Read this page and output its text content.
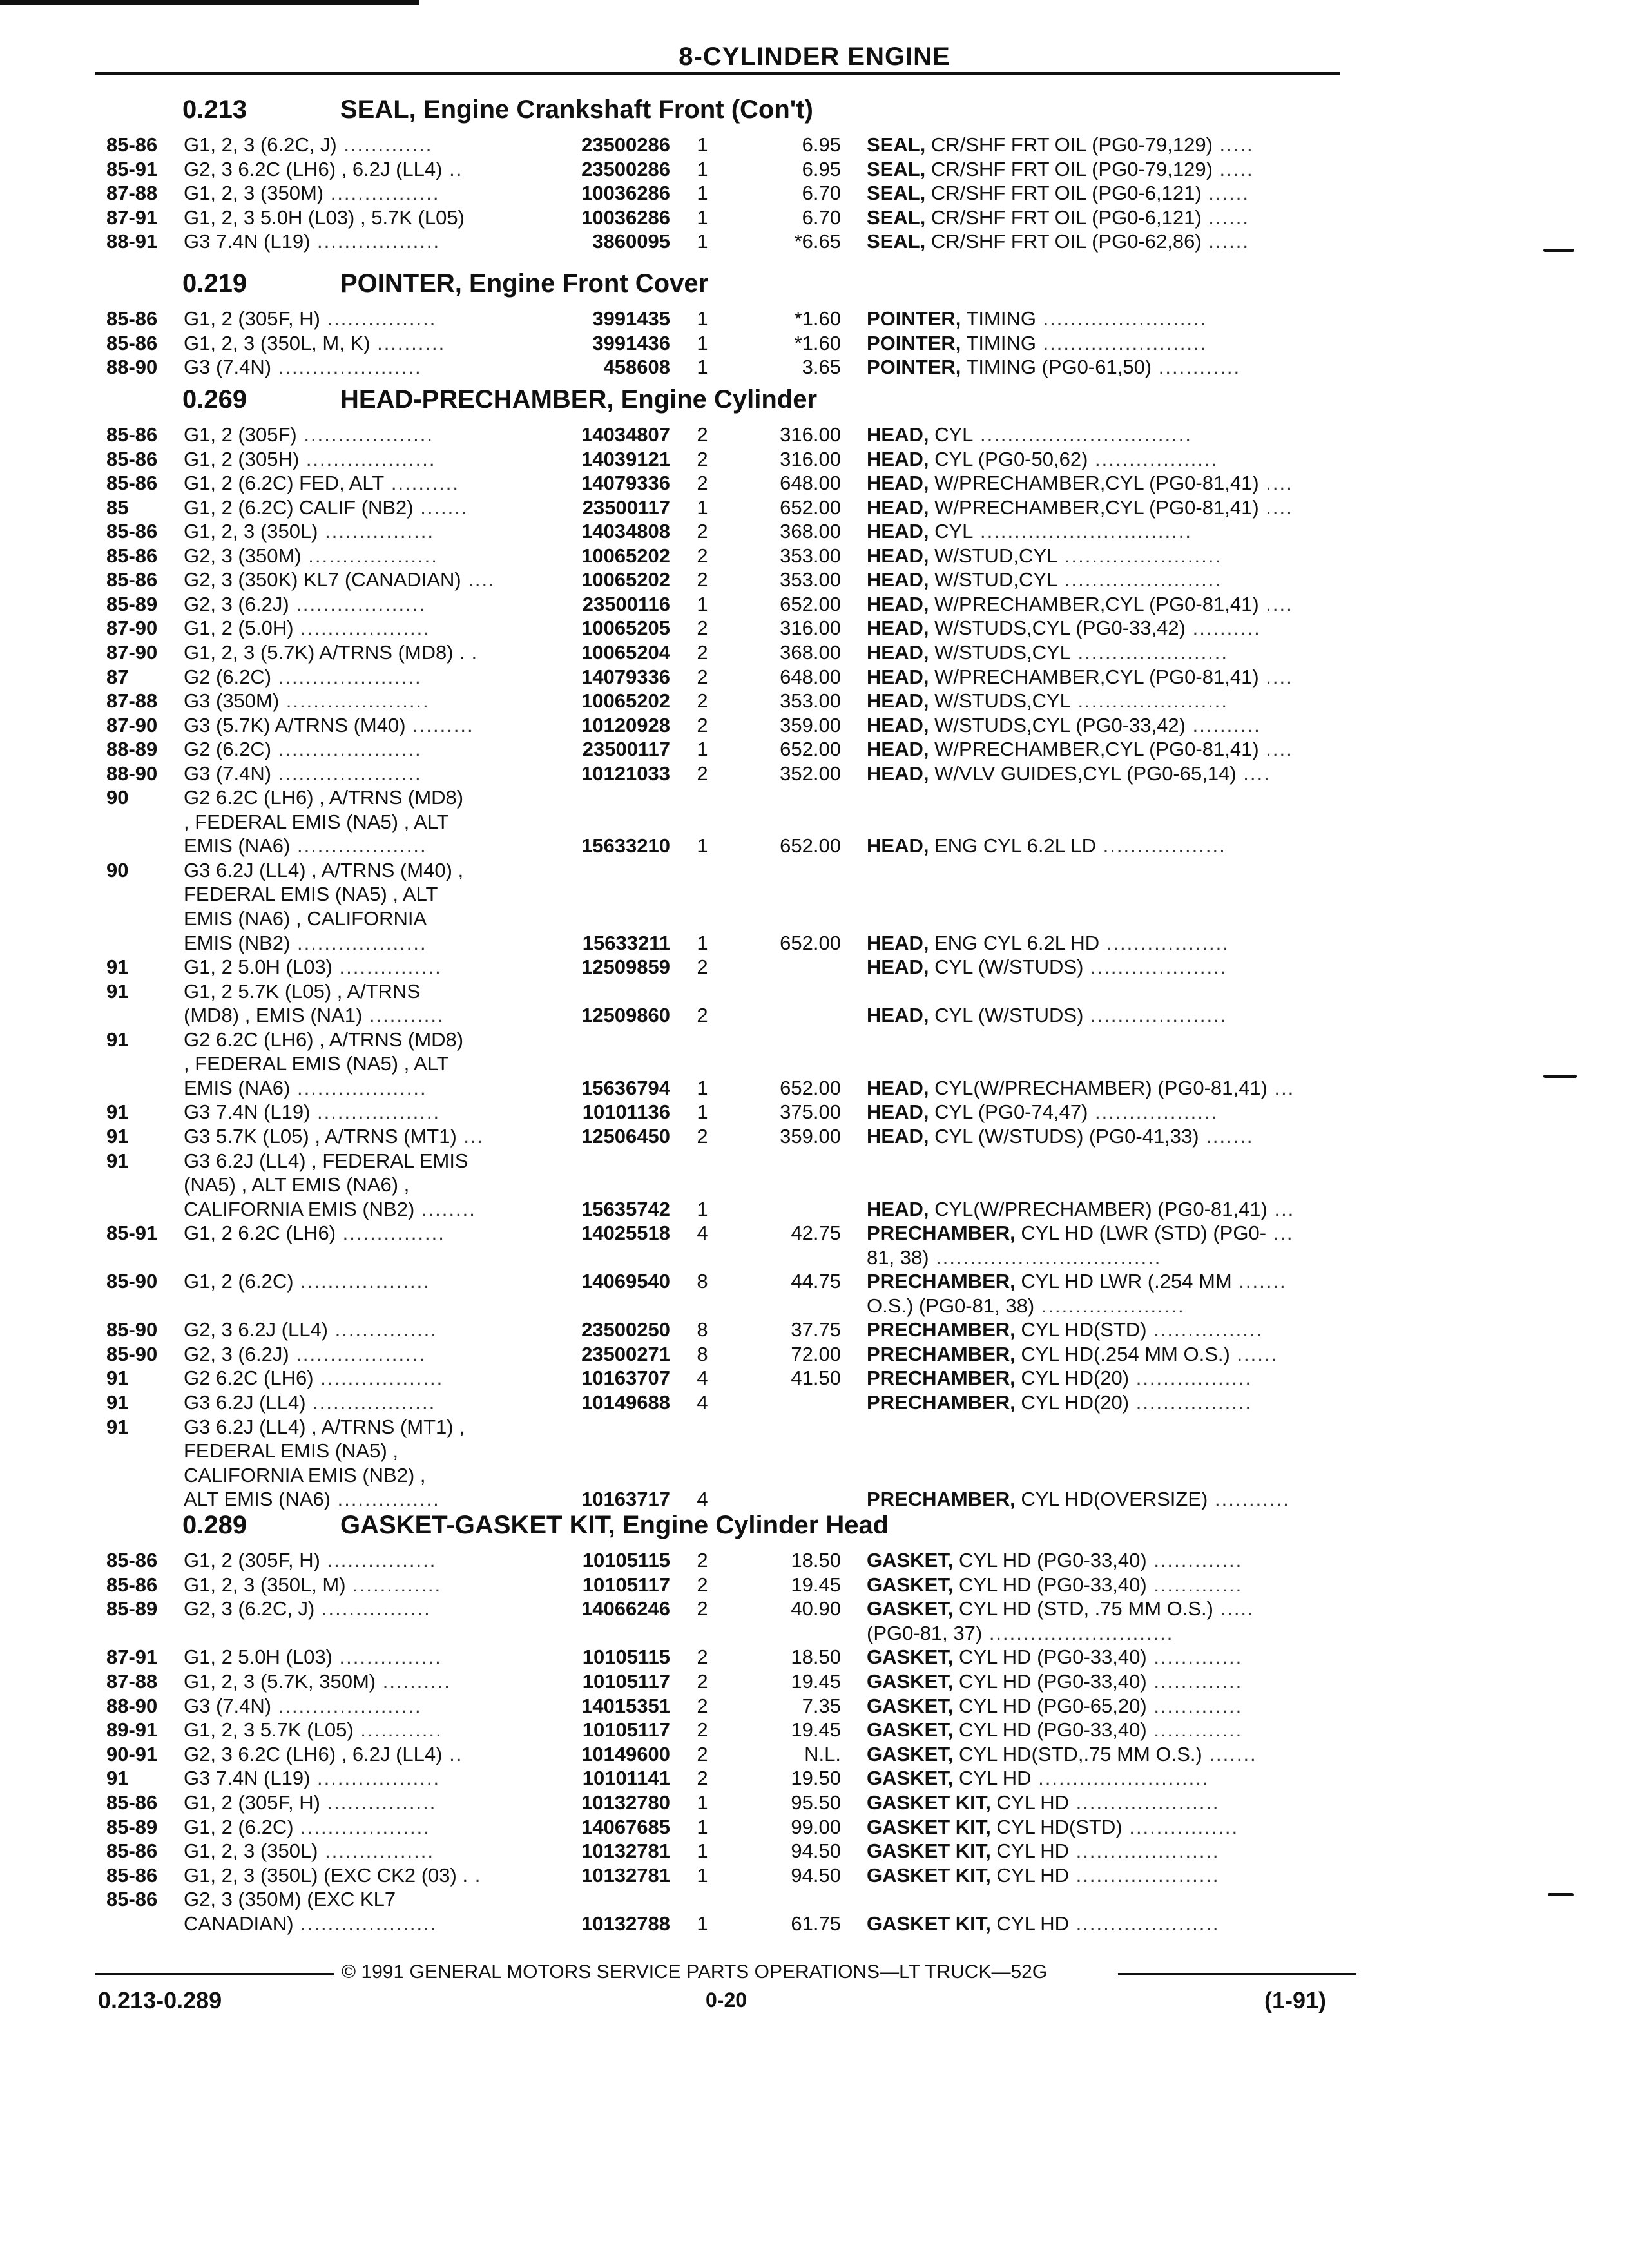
8-CYLINDER ENGINE
0.213	SEAL, Engine Crankshaft Front (Con't)
85-86 G1, 2, 3 (6.2C, J) .............	23500286	1	6.95 SEAL, CR/SHF FRT OIL (PG0-79,129) .....
85-91 G2, 3 6.2C (LH6) , 6.2J (LL4) ..	23500286	1	6.95 SEAL, CR/SHF FRT OIL (PG0-79,129) .....
87-88 G1, 2, 3 (350M) ................	10036286	1	6.70 SEAL, CR/SHF FRT OIL (PG0-6,121) ......
87-91 G1, 2, 3 5.0H (L03) , 5.7K (L05)	10036286	1	6.70 SEAL, CR/SHF FRT OIL (PG0-6,121) ......
88-91 G3 7.4N (L19) ..................	3860095	1	*6.65 SEAL, CR/SHF FRT OIL (PG0-62,86) ......
0.219	POINTER, Engine Front Cover
85-86 G1, 2 (305F, H) ................	3991435	1	*1.60 POINTER, TIMING ........................
85-86 G1, 2, 3 (350L, M, K) ..........	3991436	1	*1.60 POINTER, TIMING ........................
88-90 G3 (7.4N) .....................	458608	1	3.65 POINTER, TIMING (PG0-61,50) ............
0.269	HEAD-PRECHAMBER, Engine Cylinder
85-86 G1, 2 (305F) ...................	14034807	2	316.00 HEAD, CYL ...............................
85-86 G1, 2 (305H) ...................	14039121	2	316.00 HEAD, CYL (PG0-50,62) ..................
85-86 G1, 2 (6.2C) FED, ALT ..........	14079336	2	648.00 HEAD, W/PRECHAMBER,CYL (PG0-81,41) ....
85	G1, 2 (6.2C) CALIF (NB2) .......	23500117	1	652.00 HEAD, W/PRECHAMBER,CYL (PG0-81,41) ....
85-86 G1, 2, 3 (350L) ................	14034808	2	368.00 HEAD, CYL ...............................
85-86 G2, 3 (350M) ...................	10065202	2	353.00 HEAD, W/STUD,CYL .......................
85-86 G2, 3 (350K) KL7 (CANADIAN) ....	10065202	2	353.00 HEAD, W/STUD,CYL .......................
85-89 G2, 3 (6.2J) ...................	23500116	1	652.00 HEAD, W/PRECHAMBER,CYL (PG0-81,41) ....
87-90 G1, 2 (5.0H) ...................	10065205	2	316.00 HEAD, W/STUDS,CYL (PG0-33,42) ..........
87-90 G1, 2, 3 (5.7K) A/TRNS (MD8) . .	10065204	2	368.00 HEAD, W/STUDS,CYL ......................
87	G2 (6.2C) .....................	14079336	2	648.00 HEAD, W/PRECHAMBER,CYL (PG0-81,41) ....
87-88 G3 (350M) .....................	10065202	2	353.00 HEAD, W/STUDS,CYL ......................
87-90 G3 (5.7K) A/TRNS (M40) .........	10120928	2	359.00 HEAD, W/STUDS,CYL (PG0-33,42) ..........
88-89 G2 (6.2C) .....................	23500117	1	652.00 HEAD, W/PRECHAMBER,CYL (PG0-81,41) ....
88-90 G3 (7.4N) .....................	10121033	2	352.00 HEAD, W/VLV GUIDES,CYL (PG0-65,14) ....
90	G2 6.2C (LH6) , A/TRNS (MD8)
, FEDERAL EMIS (NA5) , ALT
EMIS (NA6) ...................	15633210	1	652.00 HEAD, ENG CYL 6.2L LD ..................
90	G3 6.2J (LL4) , A/TRNS (M40) ,
FEDERAL EMIS (NA5) , ALT
EMIS (NA6) , CALIFORNIA
EMIS (NB2) ...................	15633211	1	652.00 HEAD, ENG CYL 6.2L HD ..................
91	G1, 2 5.0H (L03) ...............	12509859	2	HEAD, CYL (W/STUDS) ....................
91	G1, 2 5.7K (L05) , A/TRNS
(MD8) , EMIS (NA1) ...........	12509860	2	HEAD, CYL (W/STUDS) ....................
91	G2 6.2C (LH6) , A/TRNS (MD8)
, FEDERAL EMIS (NA5) , ALT
EMIS (NA6) ...................	15636794	1	652.00 HEAD, CYL(W/PRECHAMBER) (PG0-81,41) ...
91	G3 7.4N (L19) ..................	10101136	1	375.00 HEAD, CYL (PG0-74,47) ..................
91	G3 5.7K (L05) , A/TRNS (MT1) ...	12506450	2	359.00 HEAD, CYL (W/STUDS) (PG0-41,33) .......
91	G3 6.2J (LL4) , FEDERAL EMIS
(NA5) , ALT EMIS (NA6) ,
CALIFORNIA EMIS (NB2) ........	15635742	1	HEAD, CYL(W/PRECHAMBER) (PG0-81,41) ...
85-91 G1, 2 6.2C (LH6) ...............	14025518	4	42.75 PRECHAMBER, CYL HD (LWR (STD) (PG0- ...
81, 38) .................................
85-90 G1, 2 (6.2C) ...................	14069540	8	44.75 PRECHAMBER, CYL HD LWR (.254 MM .......
O.S.) (PG0-81, 38) .....................
85-90 G2, 3 6.2J (LL4) ...............	23500250	8	37.75 PRECHAMBER, CYL HD(STD) ................
85-90 G2, 3 (6.2J) ...................	23500271	8	72.00 PRECHAMBER, CYL HD(.254 MM O.S.) ......
91	G2 6.2C (LH6) ..................	10163707	4	41.50 PRECHAMBER, CYL HD(20) .................
91	G3 6.2J (LL4) ..................	10149688	4	PRECHAMBER, CYL HD(20) .................
91	G3 6.2J (LL4) , A/TRNS (MT1) ,
FEDERAL EMIS (NA5) ,
CALIFORNIA EMIS (NB2) ,
ALT EMIS (NA6) ...............	10163717	4	PRECHAMBER, CYL HD(OVERSIZE) ...........
0.289	GASKET-GASKET KIT, Engine Cylinder Head
85-86 G1, 2 (305F, H) ................	10105115	2	18.50 GASKET, CYL HD (PG0-33,40) .............
85-86 G1, 2, 3 (350L, M) .............	10105117	2	19.45 GASKET, CYL HD (PG0-33,40) .............
85-89 G2, 3 (6.2C, J) ................	14066246	2	40.90 GASKET, CYL HD (STD, .75 MM O.S.) .....
(PG0-81, 37) ...........................
87-91 G1, 2 5.0H (L03) ...............	10105115	2	18.50 GASKET, CYL HD (PG0-33,40) .............
87-88 G1, 2, 3 (5.7K, 350M) ..........	10105117	2	19.45 GASKET, CYL HD (PG0-33,40) .............
88-90 G3 (7.4N) .....................	14015351	2	7.35 GASKET, CYL HD (PG0-65,20) .............
89-91 G1, 2, 3 5.7K (L05) ............	10105117	2	19.45 GASKET, CYL HD (PG0-33,40) .............
90-91 G2, 3 6.2C (LH6) , 6.2J (LL4) ..	10149600	2	N.L. GASKET, CYL HD(STD,.75 MM O.S.) .......
91	G3 7.4N (L19) ..................	10101141	2	19.50 GASKET, CYL HD .........................
85-86 G1, 2 (305F, H) ................	10132780	1	95.50 GASKET KIT, CYL HD .....................
85-89 G1, 2 (6.2C) ...................	14067685	1	99.00 GASKET KIT, CYL HD(STD) ................
85-86 G1, 2, 3 (350L) ................	10132781	1	94.50 GASKET KIT, CYL HD .....................
85-86 G1, 2, 3 (350L) (EXC CK2 (03) . .	10132781	1	94.50 GASKET KIT, CYL HD .....................
85-86 G2, 3 (350M) (EXC KL7
CANADIAN) ....................	10132788	1	61.75 GASKET KIT, CYL HD .....................
© 1991 GENERAL MOTORS SERVICE PARTS OPERATIONS—LT TRUCK—52G
0.213-0.289	0-20	(1-91)
